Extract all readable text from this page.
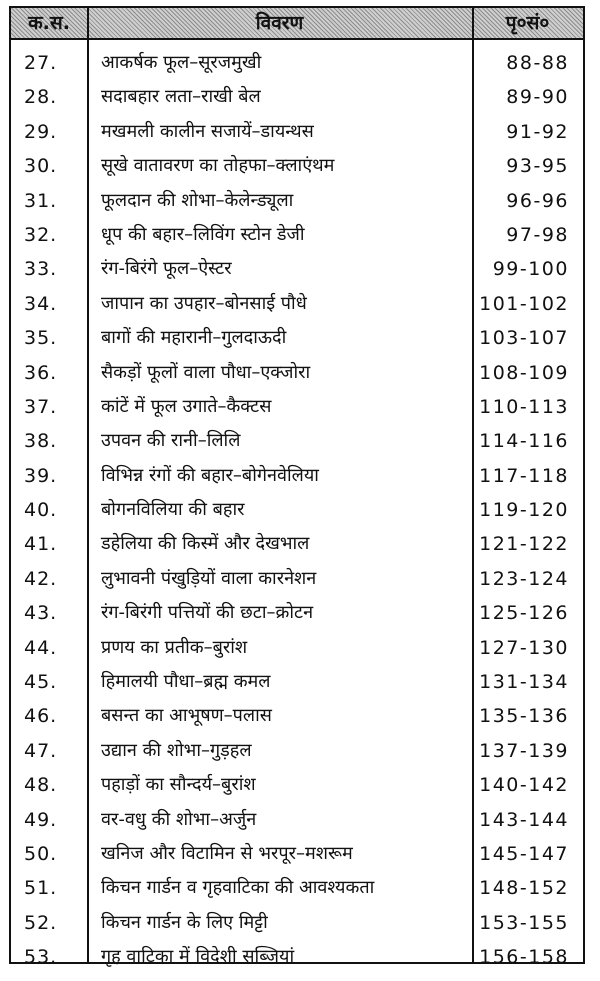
क.स.	विवरण	पृ०सं०
27.	आकर्षक फूल–सूरजमुखी	88-88
28.	सदाबहार लता–राखी बेल	89-90
29.	मखमली कालीन सजायें–डायन्थस	91-92
30.	सूखे वातावरण का तोहफा–क्लाएंथम	93-95
31.	फूलदान की शोभा–केलेन्ड्यूला	96-96
32.	धूप की बहार–लिविंग स्टोन डेजी	97-98
33.	रंग-बिरंगे फूल–ऐस्टर	99-100
34.	जापान का उपहार–बोनसाई पौधे	101-102
35.	बागों की महारानी–गुलदाऊदी	103-107
36.	सैकड़ों फूलों वाला पौधा–एक्जोरा	108-109
37.	कांटें में फूल उगाते–कैक्टस	110-113
38.	उपवन की रानी–लिलि	114-116
39.	विभिन्न रंगों की बहार–बोगेनवेलिया	117-118
40.	बोगनविलिया की बहार	119-120
41.	डहेलिया की किस्में और देखभाल	121-122
42.	लुभावनी पंखुड़ियों वाला कारनेशन	123-124
43.	रंग-बिरंगी पत्तियों की छटा–क्रोटन	125-126
44.	प्रणय का प्रतीक–बुरांश	127-130
45.	हिमालयी पौधा–ब्रह्म कमल	131-134
46.	बसन्त का आभूषण–पलास	135-136
47.	उद्यान की शोभा–गुड़हल	137-139
48.	पहाड़ों का सौन्दर्य–बुरांश	140-142
49.	वर-वधु की शोभा–अर्जुन	143-144
50.	खनिज और विटामिन से भरपूर–मशरूम	145-147
51.	किचन गार्डन व गृहवाटिका की आवश्यकता	148-152
52.	किचन गार्डन के लिए मिट्टी	153-155
53.	गृह वाटिका में विदेशी सब्जियां	156-158
